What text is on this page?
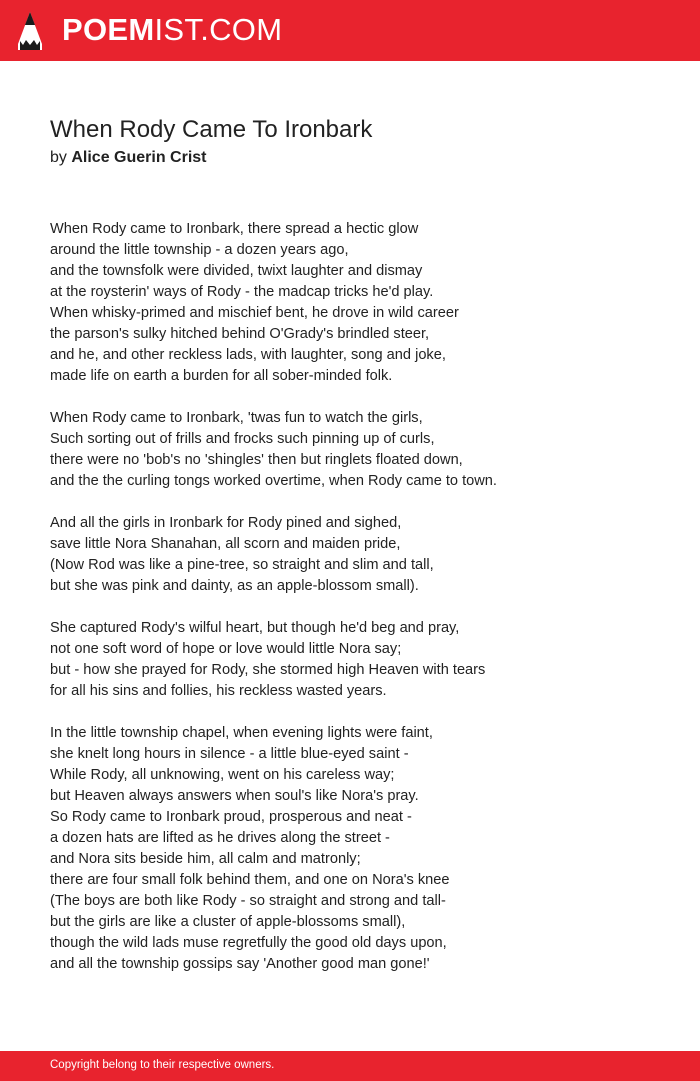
POEMIST.COM
When Rody Came To Ironbark
by Alice Guerin Crist
When Rody came to Ironbark, there spread a hectic glow
around the little township - a dozen years ago,
and the townsfolk were divided, twixt laughter and dismay
at the roysterin' ways of Rody - the madcap tricks he'd play.
When whisky-primed and mischief bent, he drove in wild career
the parson's sulky hitched behind O'Grady's brindled steer,
and he, and other reckless lads, with laughter, song and joke,
made life on earth a burden for all sober-minded folk.
When Rody came to Ironbark, 'twas fun to watch the girls,
Such sorting out of frills and frocks such pinning up of curls,
there were no 'bob's no 'shingles' then but ringlets floated down,
and the the curling tongs worked overtime, when Rody came to town.
And all the girls in Ironbark for Rody pined and sighed,
save little Nora Shanahan, all scorn and maiden pride,
(Now Rod was like a pine-tree, so straight and slim and tall,
but she was pink and dainty, as an apple-blossom small).
She captured Rody's wilful heart, but though he'd beg and pray,
not one soft word of hope or love would little Nora say;
but - how she prayed for Rody, she stormed high Heaven with tears
for all his sins and follies, his reckless wasted years.
In the little township chapel, when evening lights were faint,
she knelt long hours in silence - a little blue-eyed saint -
While Rody, all unknowing, went on his careless way;
but Heaven always answers when soul's like Nora's pray.
So Rody came to Ironbark proud, prosperous and neat -
a dozen hats are lifted as he drives along the street -
and Nora sits beside him, all calm and matronly;
there are four small folk behind them, and one on Nora's knee
(The boys are both like Rody - so straight and strong and tall-
but the girls are like a cluster of apple-blossoms small),
though the wild lads muse regretfully the good old days upon,
and all the township gossips say 'Another good man gone!'
Copyright belong to their respective owners.
